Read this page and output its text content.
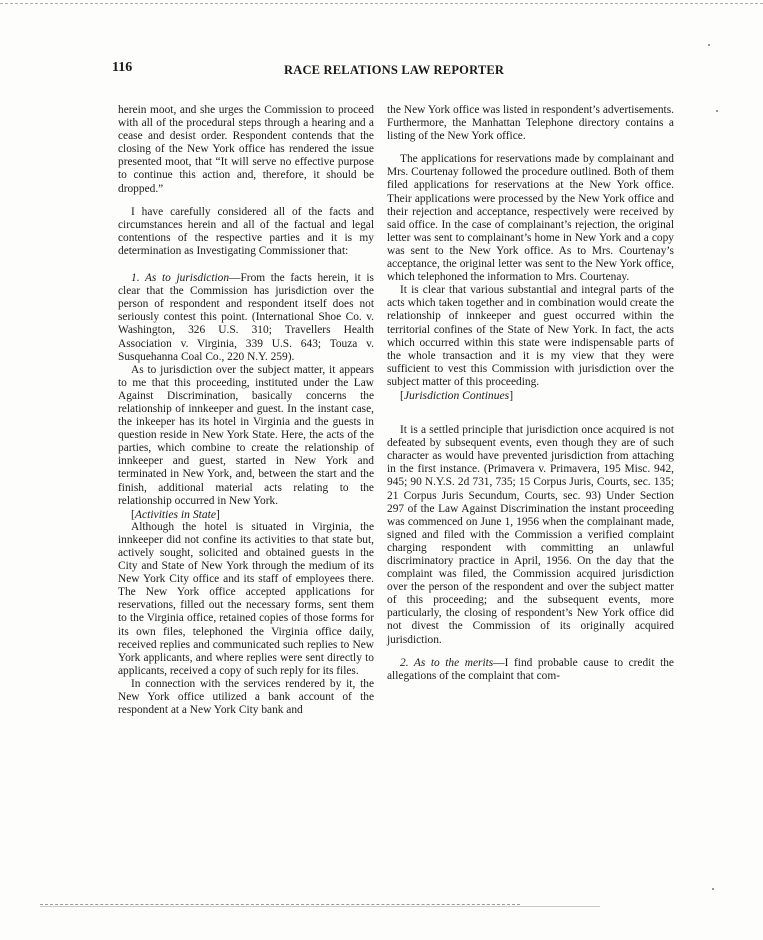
116	RACE RELATIONS LAW REPORTER

herein moot, and she urges the Commission to proceed with all of the procedural steps through a hearing and a cease and desist order. Respondent contends that the closing of the New York office has rendered the issue presented moot, that “It will serve no effective purpose to continue this action and, therefore, it should be dropped.”

I have carefully considered all of the facts and circumstances herein and all of the factual and legal contentions of the respective parties and it is my determination as Investigating Commissioner that:

1. As to jurisdiction—From the facts herein, it is clear that the Commission has jurisdiction over the person of respondent and respondent itself does not seriously contest this point. (International Shoe Co. v. Washington, 326 U.S. 310; Travellers Health Association v. Virginia, 339 U.S. 643; Touza v. Susquehanna Coal Co., 220 N.Y. 259).

As to jurisdiction over the subject matter, it appears to me that this proceeding, instituted under the Law Against Discrimination, basically concerns the relationship of innkeeper and guest. In the instant case, the inkeeper has its hotel in Virginia and the guests in question reside in New York State. Here, the acts of the parties, which combine to create the relationship of innkeeper and guest, started in New York and terminated in New York, and, between the start and the finish, additional material acts relating to the relationship occurred in New York.

[Activities in State]

Although the hotel is situated in Virginia, the innkeeper did not confine its activities to that state but, actively sought, solicited and obtained guests in the City and State of New York through the medium of its New York City office and its staff of employees there. The New York office accepted applications for reservations, filled out the necessary forms, sent them to the Virginia office, retained copies of those forms for its own files, telephoned the Virginia office daily, received replies and communicated such replies to New York applicants, and where replies were sent directly to applicants, received a copy of such reply for its files.

In connection with the services rendered by it, the New York office utilized a bank account of the respondent at a New York City bank and

the New York office was listed in respondent’s advertisements. Furthermore, the Manhattan Telephone directory contains a listing of the New York office.

The applications for reservations made by complainant and Mrs. Courtenay followed the procedure outlined. Both of them filed applications for reservations at the New York office. Their applications were processed by the New York office and their rejection and acceptance, respectively were received by said office. In the case of complainant’s rejection, the original letter was sent to complainant’s home in New York and a copy was sent to the New York office. As to Mrs. Courtenay’s acceptance, the original letter was sent to the New York office, which telephoned the information to Mrs. Courtenay.

It is clear that various substantial and integral parts of the acts which taken together and in combination would create the relationship of innkeeper and guest occurred within the territorial confines of the State of New York. In fact, the acts which occurred within this state were indispensable parts of the whole transaction and it is my view that they were sufficient to vest this Commission with jurisdiction over the subject matter of this proceeding.

[Jurisdiction Continues]

It is a settled principle that jurisdiction once acquired is not defeated by subsequent events, even though they are of such character as would have prevented jurisdiction from attaching in the first instance. (Primavera v. Primavera, 195 Misc. 942, 945; 90 N.Y.S. 2d 731, 735; 15 Corpus Juris, Courts, sec. 135; 21 Corpus Juris Secundum, Courts, sec. 93) Under Section 297 of the Law Against Discrimination the instant proceeding was commenced on June 1, 1956 when the complainant made, signed and filed with the Commission a verified complaint charging respondent with committing an unlawful discriminatory practice in April, 1956. On the day that the complaint was filed, the Commission acquired jurisdiction over the person of the respondent and over the subject matter of this proceeding; and the subsequent events, more particularly, the closing of respondent’s New York office did not divest the Commission of its originally acquired jurisdiction.

2. As to the merits—I find probable cause to credit the allegations of the complaint that com-
